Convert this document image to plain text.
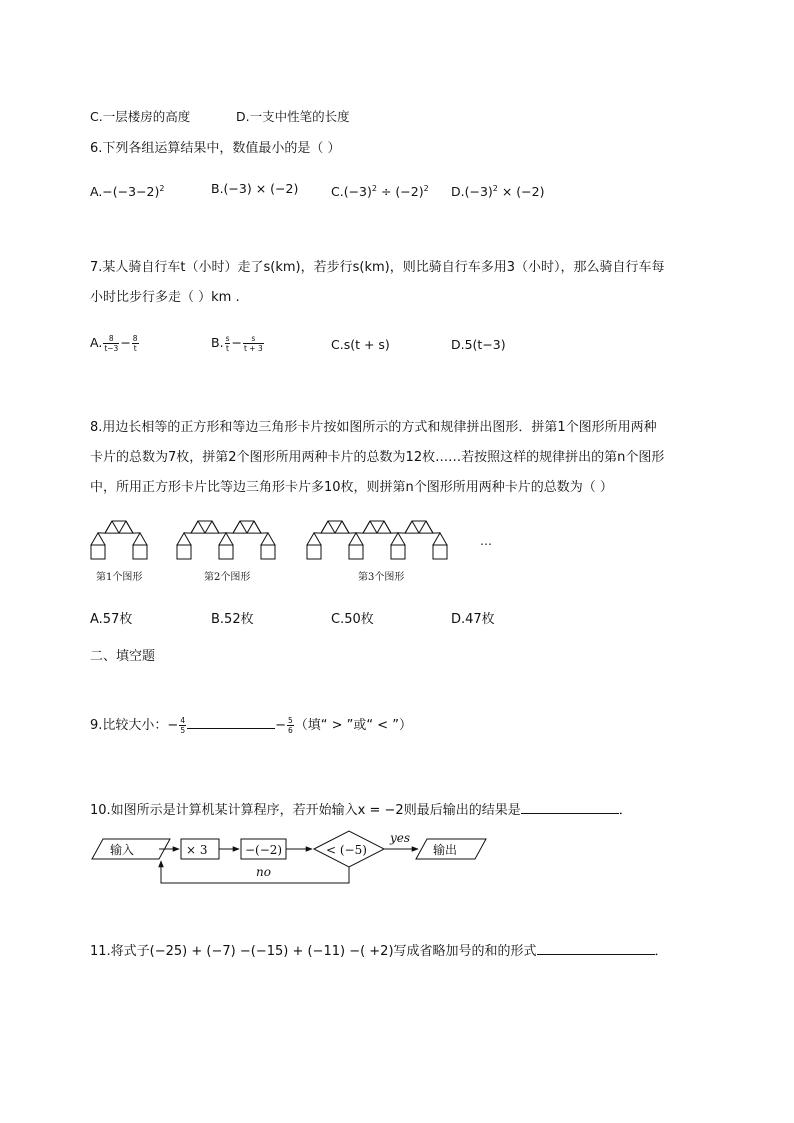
C.一层楼房的高度	D.一支中性笔的长度
6.下列各组运算结果中，数值最小的是（ ）
$A.-(-3-2)^2$	B.(−3) × (−2)	$C.(-3)^2 \div (-2)^2$ $D.(-3)^2 \times (-2)$
7.某人骑自行车t（小时）走了s(km)，若步行s(km)，则比骑自行车多用3（小时），那么骑自行车每
小时比步行多走（ ）km .
A. $\frac{8}{t-3} - \frac{8}{t}$	B. $\frac{s}{t} - \frac{s}{t + 3}$	C.s(t + s)	D.5(t−3)
8.用边长相等的正方形和等边三角形卡片按如图所示的方式和规律拼出图形．拼第1个图形所用两种
卡片的总数为7枚，拼第2个图形所用两种卡片的总数为12枚……若按照这样的规律拼出的第n个图形
中，所用正方形卡片比等边三角形卡片多10枚，则拼第n个图形所用两种卡片的总数为（ ）
…
第1个图形	第2个图形	第3个图形
A.57枚	B.52枚	C.50枚	D.47枚
二、填空题
9.比较大小：− $\frac{4}{5}$	− $\frac{5}{6}$ （填“ > ”或“ < ”）
10.如图所示是计算机某计算程序，若开始输入x = −2则最后输出的结果是	．
输入	× 3	−(−2)	< (−5)	输出
yes
no
11.将式子(−25) + (−7) −(−15) + (−11) −( +2)写成省略加号的和的形式	．
